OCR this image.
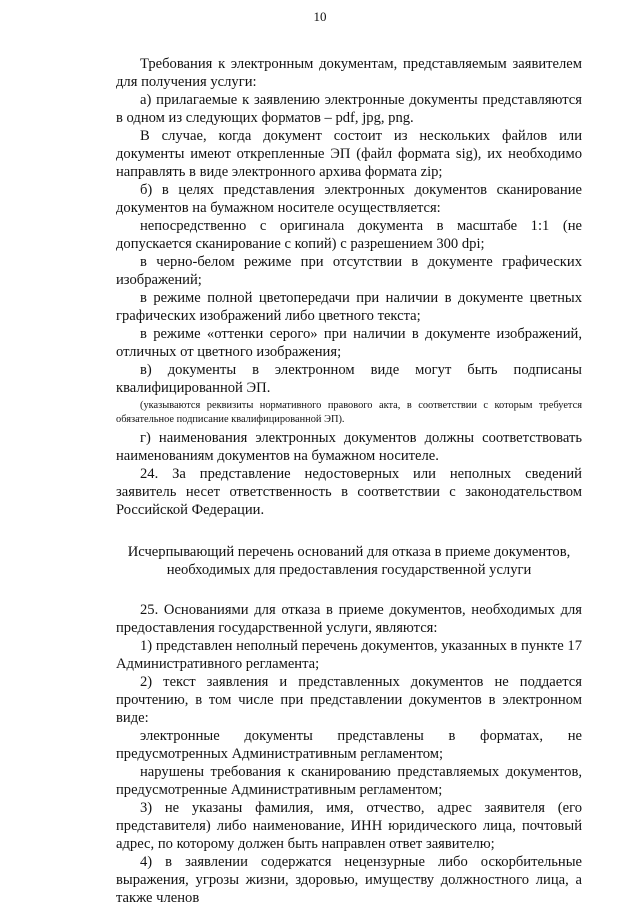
10

Требования к электронным документам, представляемым заявителем для получения услуги:

а) прилагаемые к заявлению электронные документы представляются в одном из следующих форматов – pdf, jpg, png.

В случае, когда документ состоит из нескольких файлов или документы имеют открепленные ЭП (файл формата sig), их необходимо направлять в виде электронного архива формата zip;

б) в целях представления электронных документов сканирование документов на бумажном носителе осуществляется:

непосредственно с оригинала документа в масштабе 1:1 (не допускается сканирование с копий) с разрешением 300 dpi;

в черно-белом режиме при отсутствии в документе графических изображений;

в режиме полной цветопередачи при наличии в документе цветных графических изображений либо цветного текста;

в режиме «оттенки серого» при наличии в документе изображений, отличных от цветного изображения;

в) документы в электронном виде могут быть подписаны квалифицированной ЭП.

(указываются реквизиты нормативного правового акта, в соответствии с которым требуется обязательное подписание квалифицированной ЭП).

г) наименования электронных документов должны соответствовать наименованиям документов на бумажном носителе.

24. За представление недостоверных или неполных сведений заявитель несет ответственность в соответствии с законодательством Российской Федерации.

Исчерпывающий перечень оснований для отказа в приеме документов, необходимых для предоставления государственной услуги

25. Основаниями для отказа в приеме документов, необходимых для предоставления государственной услуги, являются:

1) представлен неполный перечень документов, указанных в пункте 17 Административного регламента;

2) текст заявления и представленных документов не поддается прочтению, в том числе при представлении документов в электронном виде:

электронные документы представлены в форматах, не предусмотренных Административным регламентом;

нарушены требования к сканированию представляемых документов, предусмотренные Административным регламентом;

3) не указаны фамилия, имя, отчество, адрес заявителя (его представителя) либо наименование, ИНН юридического лица, почтовый адрес, по которому должен быть направлен ответ заявителю;

4) в заявлении содержатся нецензурные либо оскорбительные выражения, угрозы жизни, здоровью, имуществу должностного лица, а также членов
